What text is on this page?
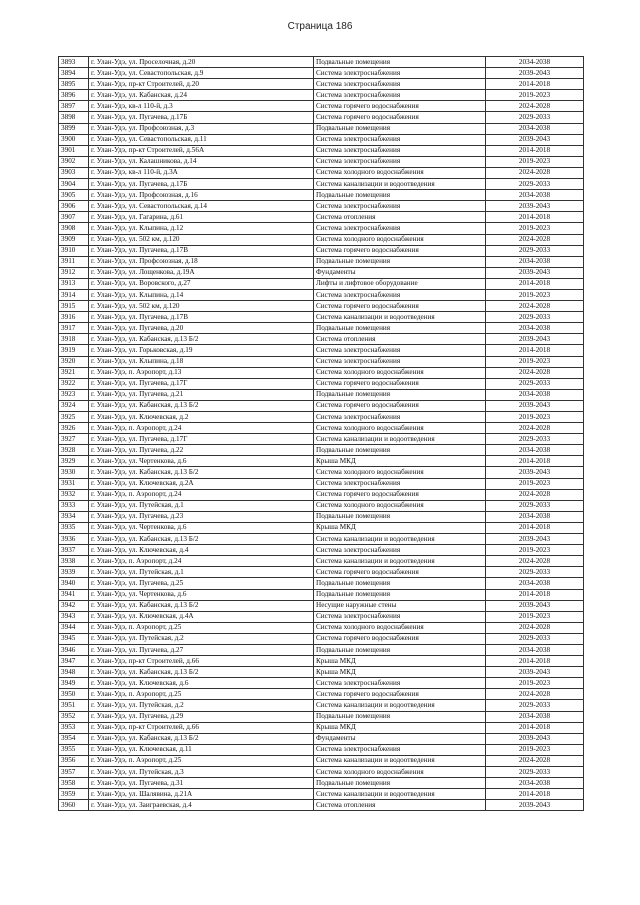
Страница 186
3893	г. Улан-Удэ, ул. Проселочная, д.20	Подвальные помещения	2034-2038
3894	г. Улан-Удэ, ул. Севастопольская, д.9	Система электроснабжения	2039-2043
3895	г. Улан-Удэ, пр-кт Строителей, д.20	Система электроснабжения	2014-2018
3896	г. Улан-Удэ, ул. Кабанская, д.24	Система электроснабжения	2019-2023
3897	г. Улан-Удэ, кв-л 110-й, д.3	Система горячего водоснабжения	2024-2028
3898	г. Улан-Удэ, ул. Пугачева, д.17Б	Система горячего водоснабжения	2029-2033
3899	г. Улан-Удэ, ул. Профсоюзная, д.3	Подвальные помещения	2034-2038
3900	г. Улан-Удэ, ул. Севастопольская, д.11	Система электроснабжения	2039-2043
3901	г. Улан-Удэ, пр-кт Строителей, д.56А	Система электроснабжения	2014-2018
3902	г. Улан-Удэ, ул. Калашникова, д.14	Система электроснабжения	2019-2023
3903	г. Улан-Удэ, кв-л 110-й, д.3А	Система холодного водоснабжения	2024-2028
3904	г. Улан-Удэ, ул. Пугачева, д.17Б	Система канализации и водоотведения	2029-2033
3905	г. Улан-Удэ, ул. Профсоюзная, д.16	Подвальные помещения	2034-2038
3906	г. Улан-Удэ, ул. Севастопольская, д.14	Система электроснабжения	2039-2043
3907	г. Улан-Удэ, ул. Гагарина, д.61	Система отопления	2014-2018
3908	г. Улан-Удэ, ул. Клыпина, д.12	Система электроснабжения	2019-2023
3909	г. Улан-Удэ, ул. 502 км, д.120	Система холодного водоснабжения	2024-2028
3910	г. Улан-Удэ, ул. Пугачева, д.17В	Система горячего водоснабжения	2029-2033
3911	г. Улан-Удэ, ул. Профсоюзная, д.18	Подвальные помещения	2034-2038
3912	г. Улан-Удэ, ул. Лощенкова, д.19А	Фундаменты	2039-2043
3913	г. Улан-Удэ, ул. Воровского, д.27	Лифты и лифтовое оборудование	2014-2018
3914	г. Улан-Удэ, ул. Клыпина, д.14	Система электроснабжения	2019-2023
3915	г. Улан-Удэ, ул. 502 км, д.120	Система горячего водоснабжения	2024-2028
3916	г. Улан-Удэ, ул. Пугачева, д.17В	Система канализации и водоотведения	2029-2033
3917	г. Улан-Удэ, ул. Пугачева, д.20	Подвальные помещения	2034-2038
3918	г. Улан-Удэ, ул. Кабанская, д.13 Б/2	Система отопления	2039-2043
3919	г. Улан-Удэ, ул. Горьковская, д.19	Система электроснабжения	2014-2018
3920	г. Улан-Удэ, ул. Клыпина, д.18	Система электроснабжения	2019-2023
3921	г. Улан-Удэ, п. Аэропорт, д.13	Система холодного водоснабжения	2024-2028
3922	г. Улан-Удэ, ул. Пугачева, д.17Г	Система горячего водоснабжения	2029-2033
3923	г. Улан-Удэ, ул. Пугачева, д.21	Подвальные помещения	2034-2038
3924	г. Улан-Удэ, ул. Кабанская, д.13 Б/2	Система горячего водоснабжения	2039-2043
3925	г. Улан-Удэ, ул. Ключевская, д.2	Система электроснабжения	2019-2023
3926	г. Улан-Удэ, п. Аэропорт, д.24	Система холодного водоснабжения	2024-2028
3927	г. Улан-Удэ, ул. Пугачева, д.17Г	Система канализации и водоотведения	2029-2033
3928	г. Улан-Удэ, ул. Пугачева, д.22	Подвальные помещения	2034-2038
3929	г. Улан-Удэ, ул. Чертенкова, д.6	Крыша МКД	2014-2018
3930	г. Улан-Удэ, ул. Кабанская, д.13 Б/2	Система холодного водоснабжения	2039-2043
3931	г. Улан-Удэ, ул. Ключевская, д.2А	Система электроснабжения	2019-2023
3932	г. Улан-Удэ, п. Аэропорт, д.24	Система горячего водоснабжения	2024-2028
3933	г. Улан-Удэ, ул. Путейская, д.1	Система холодного водоснабжения	2029-2033
3934	г. Улан-Удэ, ул. Пугачева, д.23	Подвальные помещения	2034-2038
3935	г. Улан-Удэ, ул. Чертенкова, д.6	Крыша МКД	2014-2018
3936	г. Улан-Удэ, ул. Кабанская, д.13 Б/2	Система канализации и водоотведения	2039-2043
3937	г. Улан-Удэ, ул. Ключевская, д.4	Система электроснабжения	2019-2023
3938	г. Улан-Удэ, п. Аэропорт, д.24	Система канализации и водоотведения	2024-2028
3939	г. Улан-Удэ, ул. Путейская, д.1	Система горячего водоснабжения	2029-2033
3940	г. Улан-Удэ, ул. Пугачева, д.25	Подвальные помещения	2034-2038
3941	г. Улан-Удэ, ул. Чертенкова, д.6	Подвальные помещения	2014-2018
3942	г. Улан-Удэ, ул. Кабанская, д.13 Б/2	Несущие наружные стены	2039-2043
3943	г. Улан-Удэ, ул. Ключевская, д.4А	Система электроснабжения	2019-2023
3944	г. Улан-Удэ, п. Аэропорт, д.25	Система холодного водоснабжения	2024-2028
3945	г. Улан-Удэ, ул. Путейская, д.2	Система горячего водоснабжения	2029-2033
3946	г. Улан-Удэ, ул. Пугачева, д.27	Подвальные помещения	2034-2038
3947	г. Улан-Удэ, пр-кт Строителей, д.66	Крыша МКД	2014-2018
3948	г. Улан-Удэ, ул. Кабанская, д.13 Б/2	Крыша МКД	2039-2043
3949	г. Улан-Удэ, ул. Ключевская, д.6	Система электроснабжения	2019-2023
3950	г. Улан-Удэ, п. Аэропорт, д.25	Система горячего водоснабжения	2024-2028
3951	г. Улан-Удэ, ул. Путейская, д.2	Система канализации и водоотведения	2029-2033
3952	г. Улан-Удэ, ул. Пугачева, д.29	Подвальные помещения	2034-2038
3953	г. Улан-Удэ, пр-кт Строителей, д.66	Крыша МКД	2014-2018
3954	г. Улан-Удэ, ул. Кабанская, д.13 Б/2	Фундаменты	2039-2043
3955	г. Улан-Удэ, ул. Ключевская, д.11	Система электроснабжения	2019-2023
3956	г. Улан-Удэ, п. Аэропорт, д.25	Система канализации и водоотведения	2024-2028
3957	г. Улан-Удэ, ул. Путейская, д.3	Система холодного водоснабжения	2029-2033
3958	г. Улан-Удэ, ул. Пугачева, д.31	Подвальные помещения	2034-2038
3959	г. Улан-Удэ, ул. Шалявина, д.21А	Система канализации и водоотведения	2014-2018
3960	г. Улан-Удэ, ул. Заиграевская, д.4	Система отопления	2039-2043
